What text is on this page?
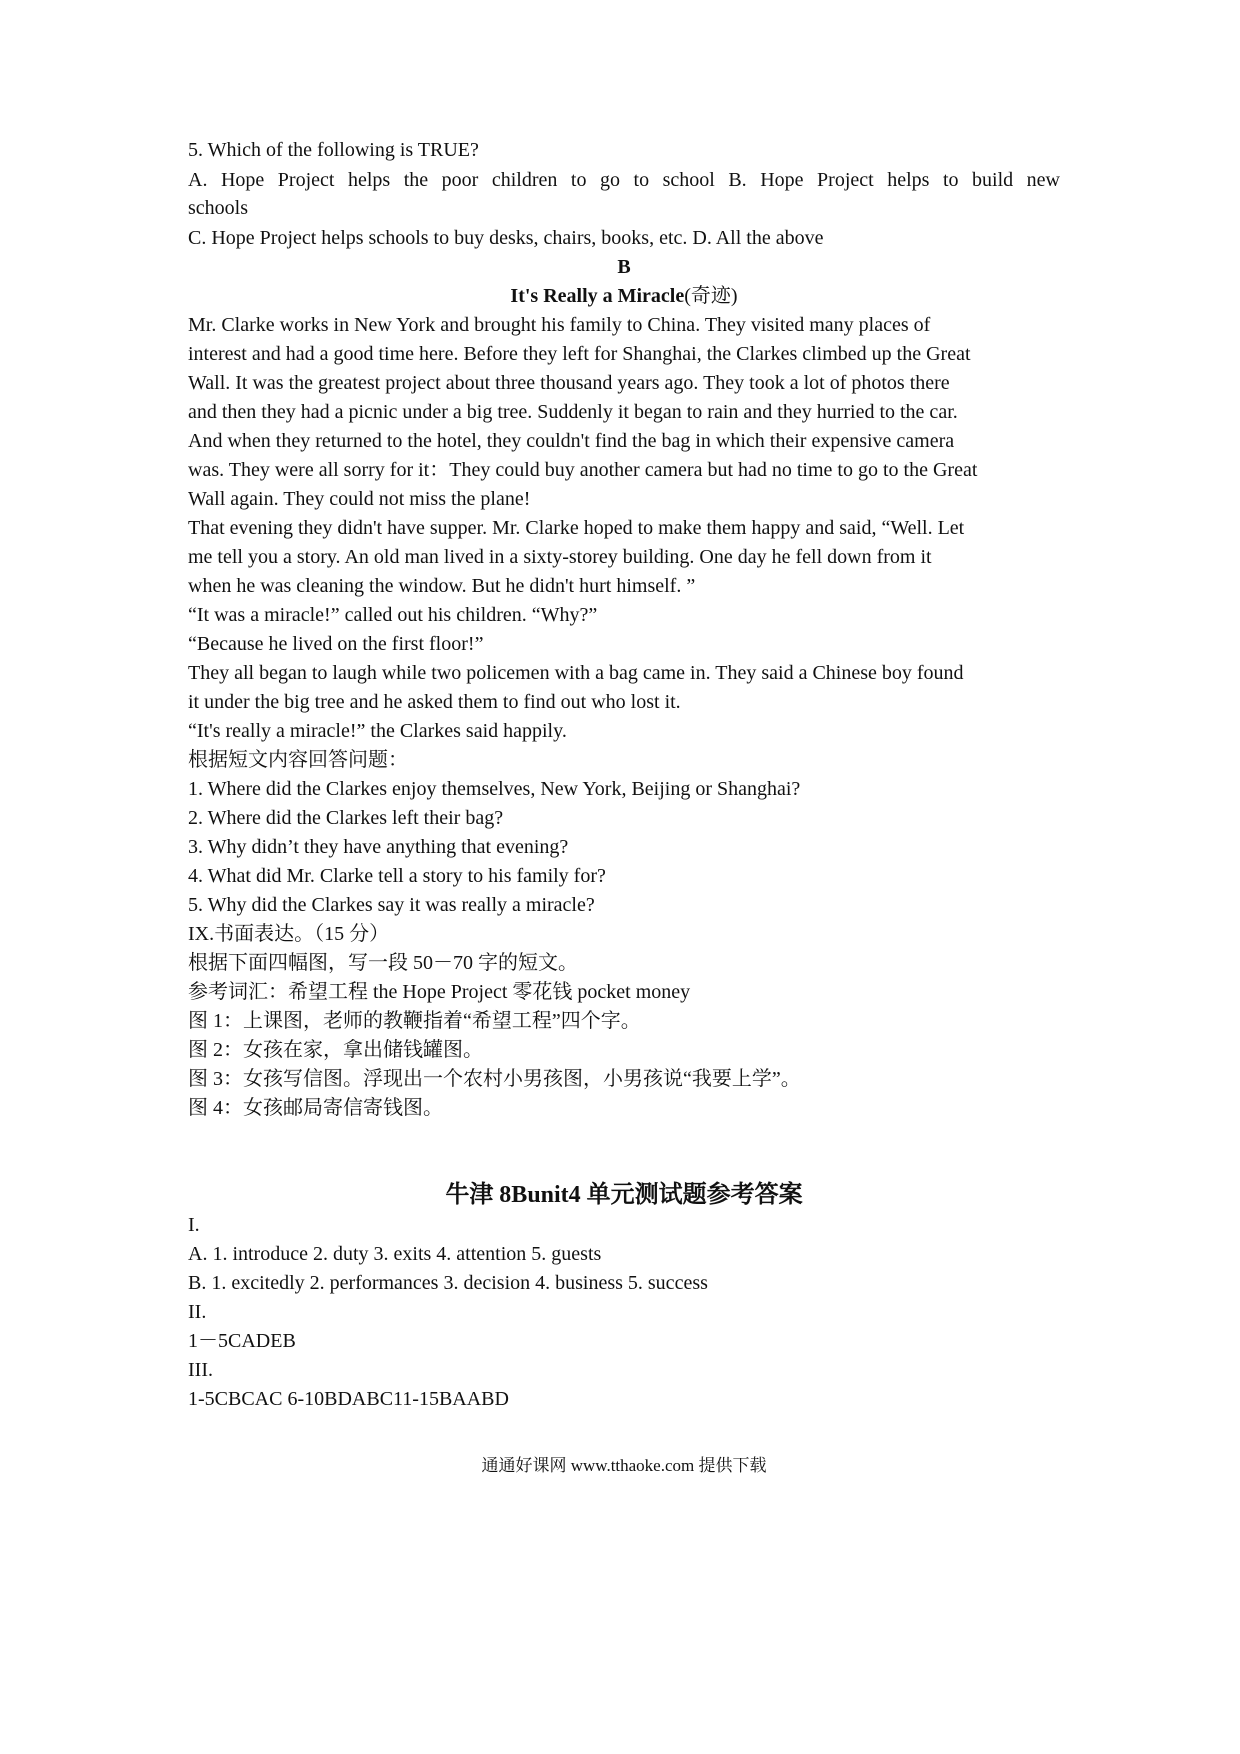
5. Which of the following is TRUE?
A. Hope Project helps the poor children to go to school B. Hope Project helps to build new
schools
C. Hope Project helps schools to buy desks, chairs, books, etc. D. All the above
B
It's Really a Miracle(奇迹)
Mr. Clarke works in New York and brought his family to China. They visited many places of
interest and had a good time here. Before they left for Shanghai, the Clarkes climbed up the Great
Wall. It was the greatest project about three thousand years ago. They took a lot of photos there
and then they had a picnic under a big tree. Suddenly it began to rain and they hurried to the car.
And when they returned to the hotel, they couldn't find the bag in which their expensive camera
was. They were all sorry for it：They could buy another camera but had no time to go to the Great
Wall again. They could not miss the plane!
That evening they didn't have supper. Mr. Clarke hoped to make them happy and said, “Well. Let
me tell you a story. An old man lived in a sixty-storey building. One day he fell down from it
when he was cleaning the window. But he didn't hurt himself. ”
“It was a miracle!” called out his children. “Why?”
“Because he lived on the first floor!”
They all began to laugh while two policemen with a bag came in. They said a Chinese boy found
it under the big tree and he asked them to find out who lost it.
“It's really a miracle!” the Clarkes said happily.
根据短文内容回答问题：
1. Where did the Clarkes enjoy themselves, New York, Beijing or Shanghai?
2. Where did the Clarkes left their bag?
3. Why didn’t they have anything that evening?
4. What did Mr. Clarke tell a story to his family for?
5. Why did the Clarkes say it was really a miracle?
IX.书面表达。（15 分）
根据下面四幅图，写一段 50－70 字的短文。
参考词汇：希望工程 the Hope Project 零花钱 pocket money
图 1：上课图，老师的教鞭指着“希望工程”四个字。
图 2：女孩在家，拿出储钱罐图。
图 3：女孩写信图。浮现出一个农村小男孩图，小男孩说“我要上学”。
图 4：女孩邮局寄信寄钱图。
牛津 8Bunit4 单元测试题参考答案
I.
A. 1. introduce 2. duty 3. exits 4. attention 5. guests
B. 1. excitedly 2. performances 3. decision 4. business 5. success
II.
1－5CADEB
III.
1-5CBCAC 6-10BDABC11-15BAABD
通通好课网 www.tthaoke.com 提供下载
